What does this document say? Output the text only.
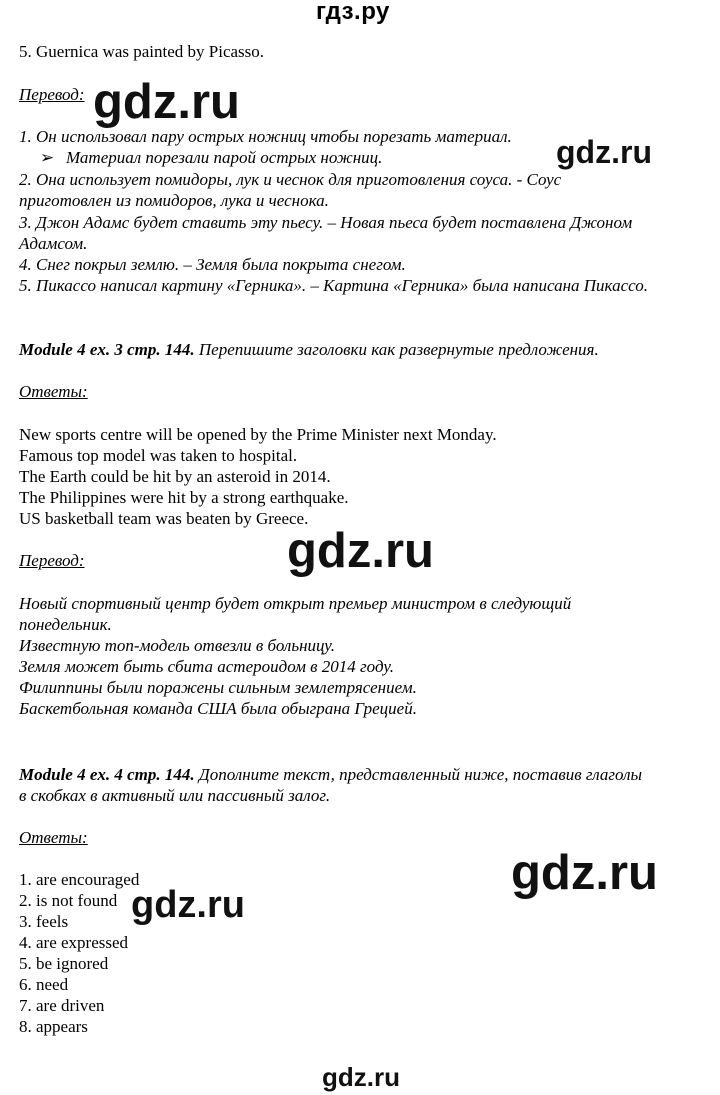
гдз.ру
5. Guernica was painted by Picasso.
Перевод: gdz.ru
1. Он использовал пару острых ножниц чтобы порезать материал.
➢ Материал порезали парой острых ножниц.	gdz.ru
2. Она использует помидоры, лук и чеснок для приготовления соуса. - Соус
приготовлен из помидоров, лука и чеснока.
3. Джон Адамс будет ставить эту пьесу. – Новая пьеса будет поставлена Джоном
Адамсом.
4. Снег покрыл землю. – Земля была покрыта снегом.
5. Пикассо написал картину «Герника». – Картина «Герника» была написана Пикассо.
Module 4 ex. 3 стр. 144. Перепишите заголовки как развернутые предложения.
Ответы:
New sports centre will be opened by the Prime Minister next Monday.
Famous top model was taken to hospital.
The Earth could be hit by an asteroid in 2014.
The Philippines were hit by a strong earthquake.
US basketball team was beaten by Greece.
Перевод:	gdz.ru
Новый спортивный центр будет открыт премьер министром в следующий
понедельник.
Известную топ-модель отвезли в больницу.
Земля может быть сбита астероидом в 2014 году.
Филиппины были поражены сильным землетрясением.
Баскетбольная команда США была обыграна Грецией.
Module 4 ex. 4 стр. 144. Дополните текст, представленный ниже, поставив глаголы
в скобках в активный или пассивный залог.
Ответы:
gdz.ru
1. are encouraged
2. is not found gdz.ru
3. feels
4. are expressed
5. be ignored
6. need
7. are driven
8. appears
gdz.ru
